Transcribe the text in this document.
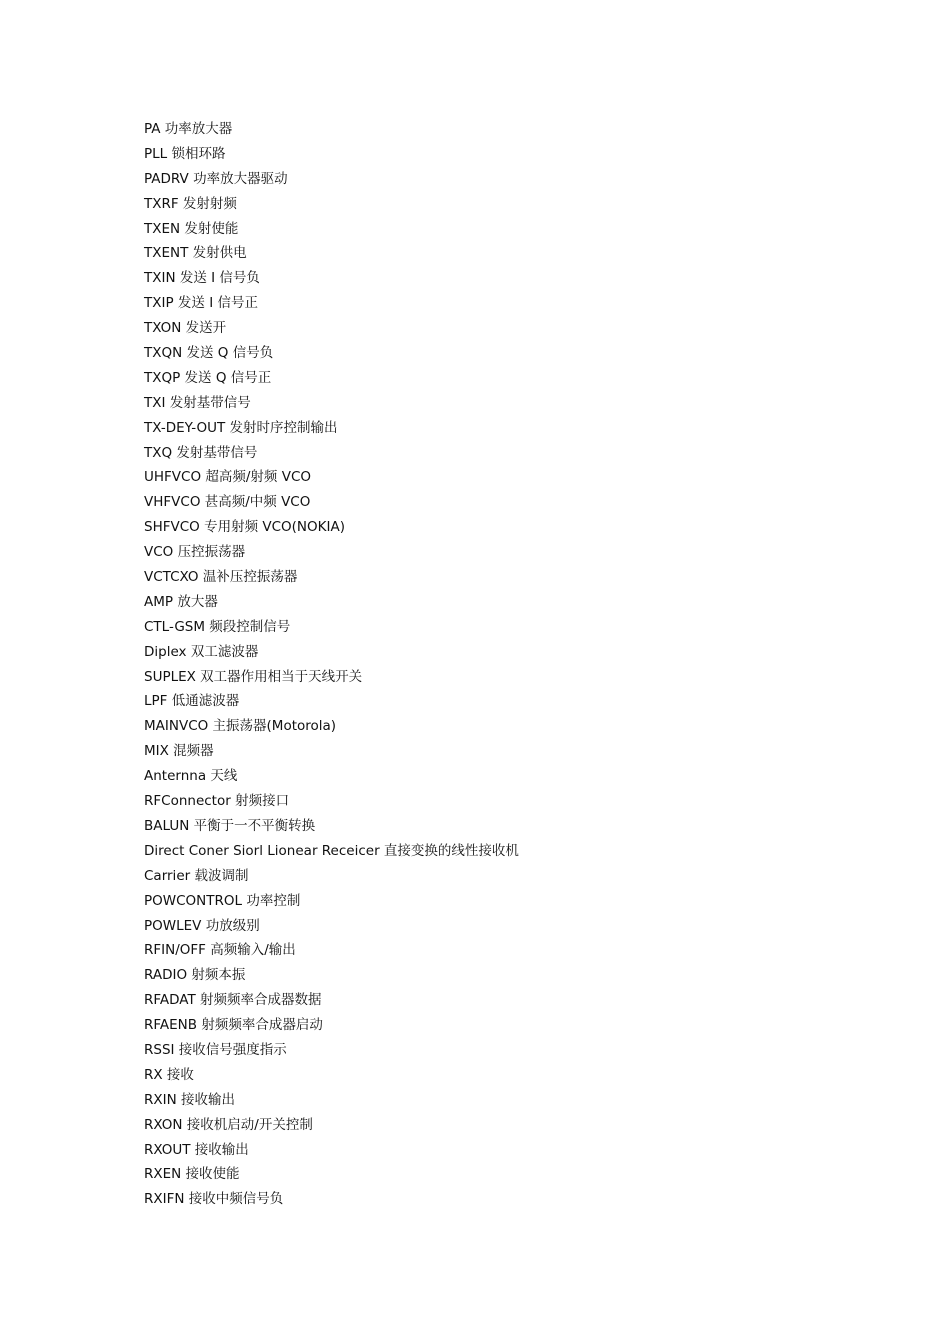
PA 功率放大器
PLL 锁相环路
PADRV 功率放大器驱动
TXRF 发射射频
TXEN 发射使能
TXENT 发射供电
TXIN 发送 I 信号负
TXIP 发送 I 信号正
TXON 发送开
TXQN 发送 Q 信号负
TXQP 发送 Q 信号正
TXI 发射基带信号
TX-DEY-OUT 发射时序控制输出
TXQ 发射基带信号
UHFVCO 超高频/射频 VCO
VHFVCO 甚高频/中频 VCO
SHFVCO 专用射频 VCO(NOKIA)
VCO 压控振荡器
VCTCXO 温补压控振荡器
AMP 放大器
CTL-GSM 频段控制信号
Diplex 双工滤波器
SUPLEX 双工器作用相当于天线开关
LPF 低通滤波器
MAINVCO 主振荡器(Motorola)
MIX 混频器
Anternna 天线
RFConnector 射频接口
BALUN 平衡于一不平衡转换
Direct Coner Siorl Lionear Receicer 直接变换的线性接收机
Carrier 载波调制
POWCONTROL 功率控制
POWLEV 功放级别
RFIN/OFF 高频输入/输出
RADIO 射频本振
RFADAT 射频频率合成器数据
RFAENB 射频频率合成器启动
RSSI 接收信号强度指示
RX 接收
RXIN 接收输出
RXON 接收机启动/开关控制
RXOUT 接收输出
RXEN 接收使能
RXIFN 接收中频信号负
